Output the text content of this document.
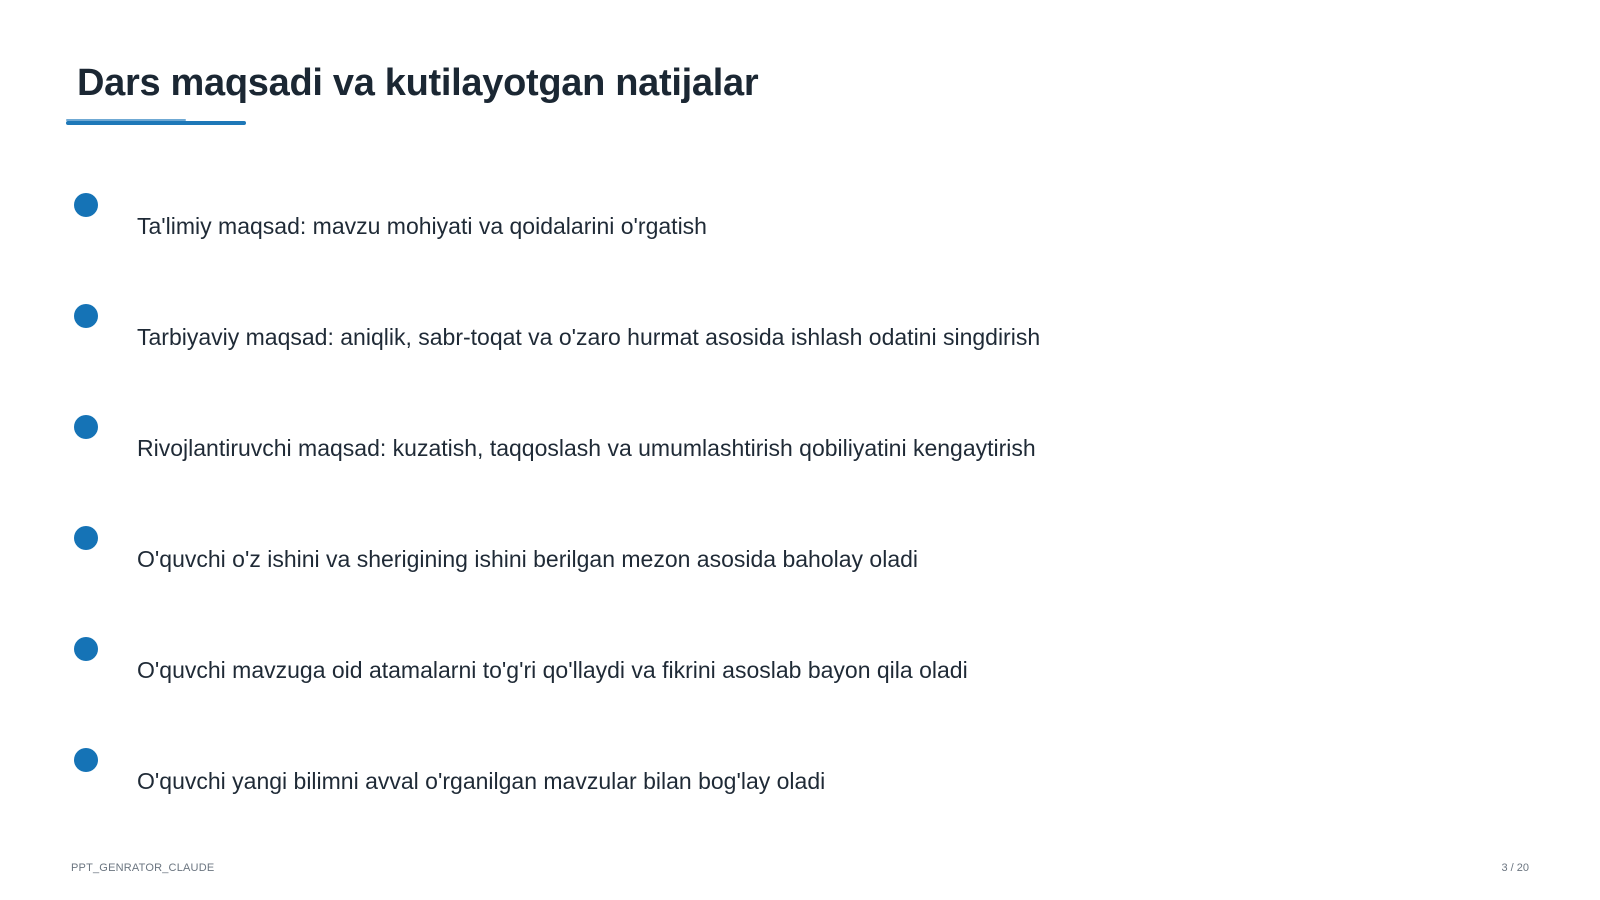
Dars maqsadi va kutilayotgan natijalar
Ta'limiy maqsad: mavzu mohiyati va qoidalarini o'rgatish
Tarbiyaviy maqsad: aniqlik, sabr-toqat va o'zaro hurmat asosida ishlash odatini singdirish
Rivojlantiruvchi maqsad: kuzatish, taqqoslash va umumlashtirish qobiliyatini kengaytirish
O'quvchi o'z ishini va sherigining ishini berilgan mezon asosida baholay oladi
O'quvchi mavzuga oid atamalarni to'g'ri qo'llaydi va fikrini asoslab bayon qila oladi
O'quvchi yangi bilimni avval o'rganilgan mavzular bilan bog'lay oladi
PPT_GENRATOR_CLAUDE	3 / 20
